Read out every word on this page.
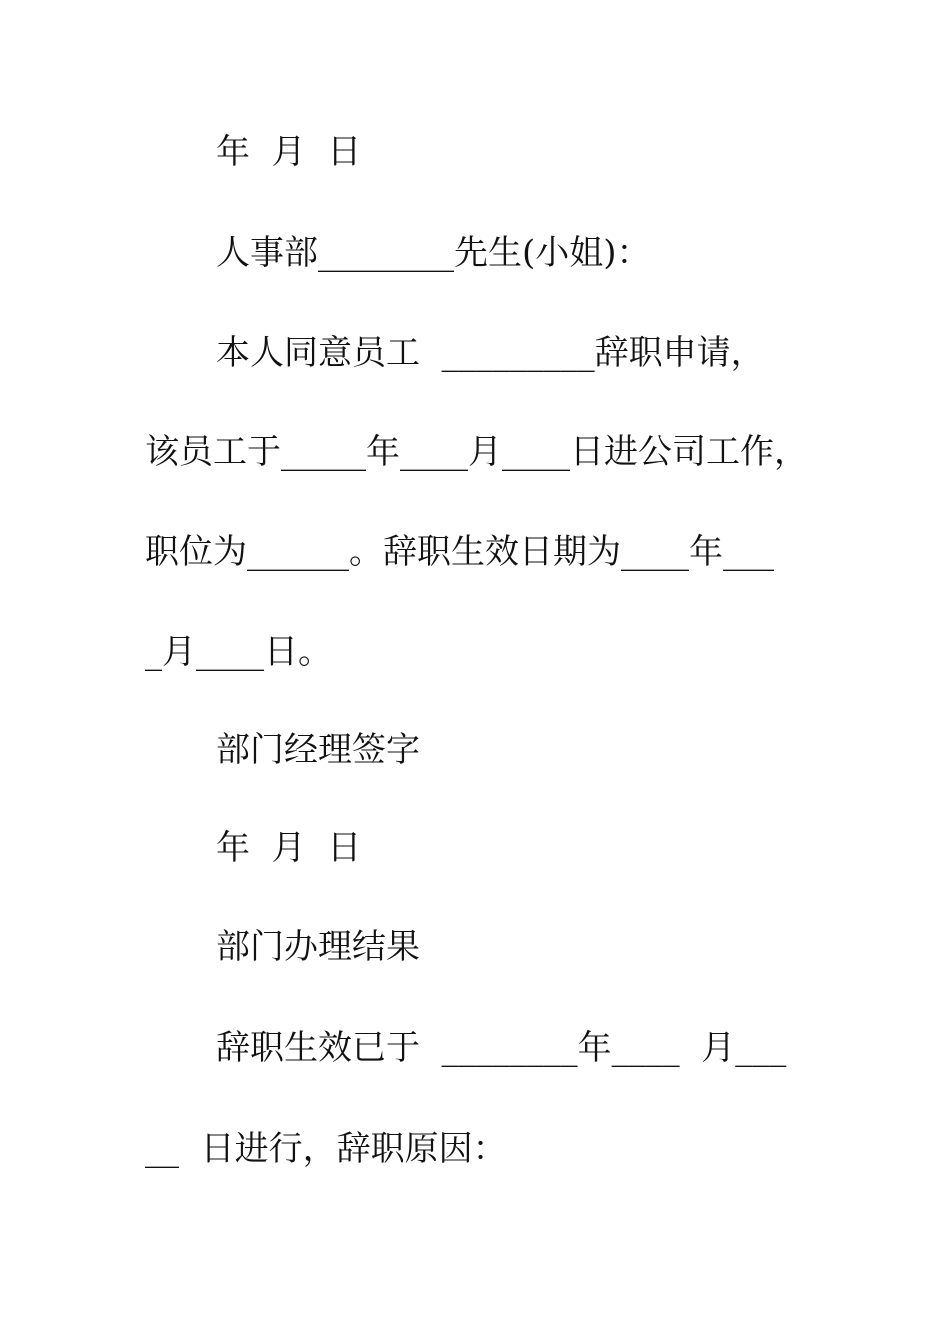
年  月  日
人事部________先生(小姐)：
本人同意员工  _________辞职申请，
该员工于_____年____月____日进公司工作，
职位为______。辞职生效日期为____年___
_月____日。
部门经理签字
年  月  日
部门办理结果
辞职生效已于  ________年____  月___
__  日进行，辞职原因：
